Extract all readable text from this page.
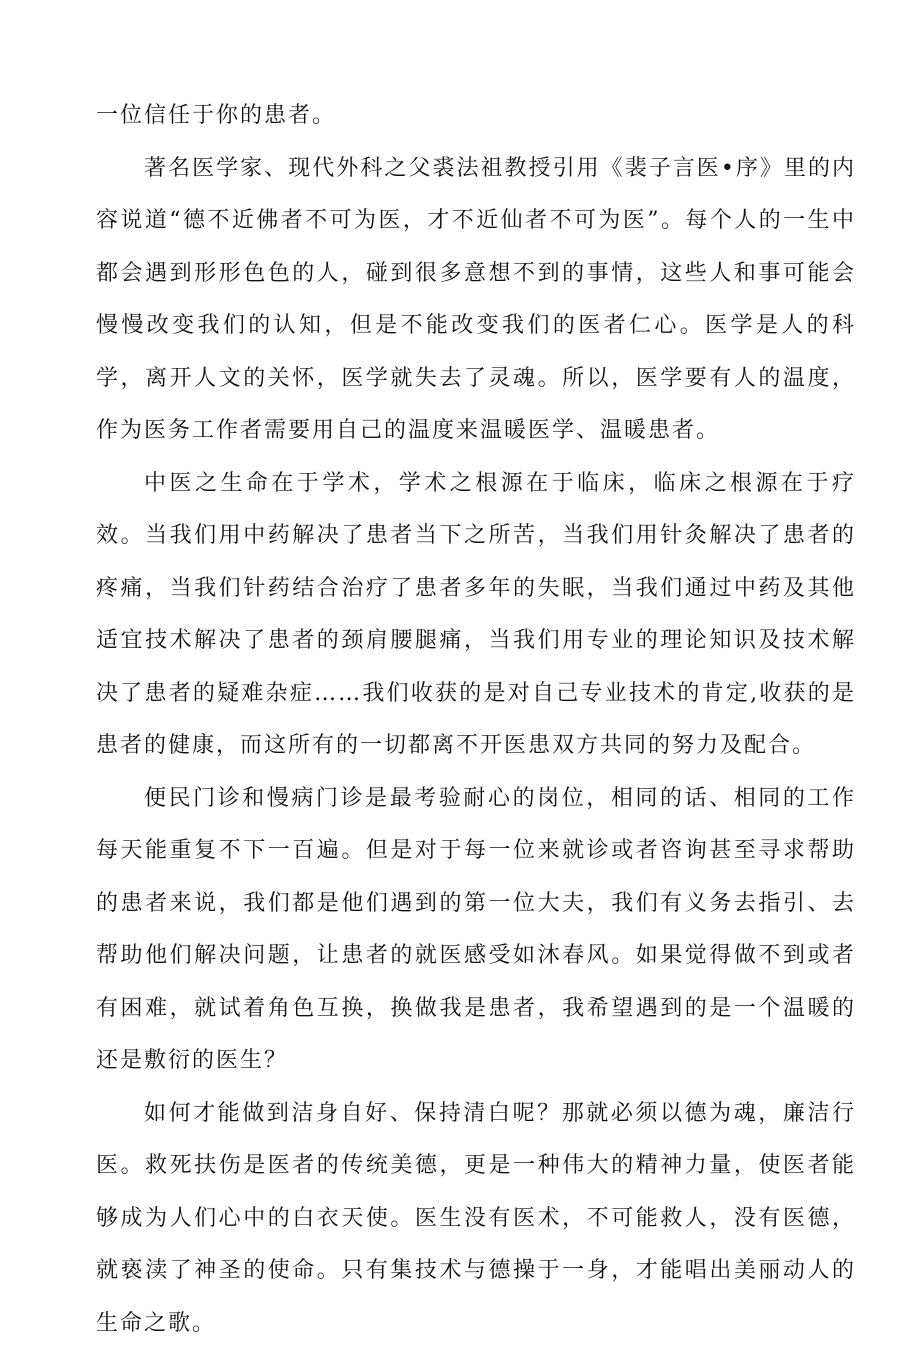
一位信任于你的患者。

著名医学家、现代外科之父裘法祖教授引用《裴子言医•序》里的内容说道“德不近佛者不可为医，才不近仙者不可为医”。每个人的一生中都会遇到形形色色的人，碰到很多意想不到的事情，这些人和事可能会慢慢改变我们的认知，但是不能改变我们的医者仁心。医学是人的科学，离开人文的关怀，医学就失去了灵魂。所以，医学要有人的温度，作为医务工作者需要用自己的温度来温暖医学、温暖患者。

中医之生命在于学术，学术之根源在于临床，临床之根源在于疗效。当我们用中药解决了患者当下之所苦，当我们用针灸解决了患者的疼痛，当我们针药结合治疗了患者多年的失眠，当我们通过中药及其他适宜技术解决了患者的颈肩腰腿痛，当我们用专业的理论知识及技术解决了患者的疑难杂症……我们收获的是对自己专业技术的肯定,收获的是患者的健康，而这所有的一切都离不开医患双方共同的努力及配合。

便民门诊和慢病门诊是最考验耐心的岗位，相同的话、相同的工作每天能重复不下一百遍。但是对于每一位来就诊或者咨询甚至寻求帮助的患者来说，我们都是他们遇到的第一位大夫，我们有义务去指引、去帮助他们解决问题，让患者的就医感受如沐春风。如果觉得做不到或者有困难，就试着角色互换，换做我是患者，我希望遇到的是一个温暖的还是敷衍的医生？

如何才能做到洁身自好、保持清白呢？那就必须以德为魂，廉洁行医。救死扶伤是医者的传统美德，更是一种伟大的精神力量，使医者能够成为人们心中的白衣天使。医生没有医术，不可能救人，没有医德，就亵渎了神圣的使命。只有集技术与德操于一身，才能唱出美丽动人的生命之歌。
